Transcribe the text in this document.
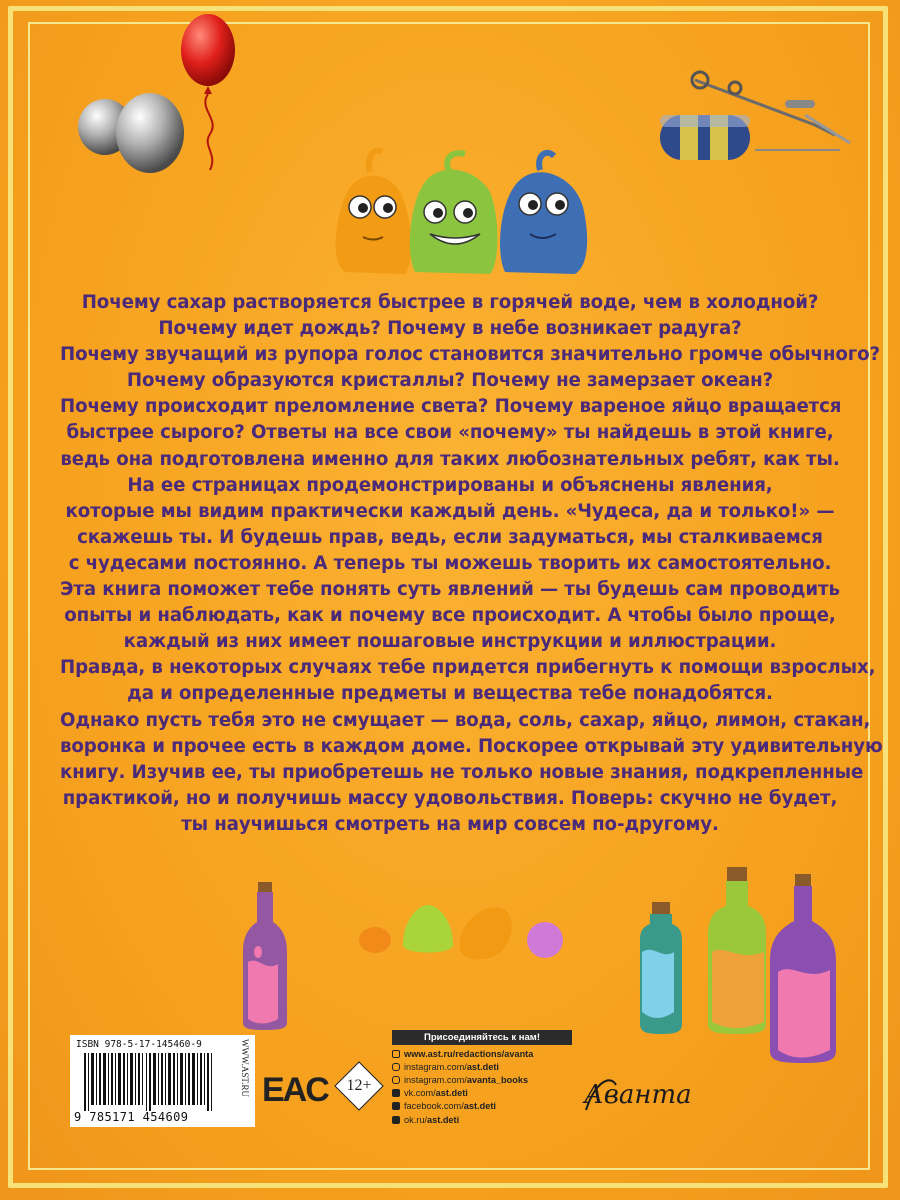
Почему сахар растворяется быстрее в горячей воде, чем в холодной?
Почему идет дождь? Почему в небе возникает радуга?
Почему звучащий из рупора голос становится значительно громче обычного?
Почему образуются кристаллы? Почему не замерзает океан?
Почему происходит преломление света? Почему вареное яйцо вращается
быстрее сырого? Ответы на все свои «почему» ты найдешь в этой книге,
ведь она подготовлена именно для таких любознательных ребят, как ты.
На ее страницах продемонстрированы и объяснены явления,
которые мы видим практически каждый день. «Чудеса, да и только!» —
скажешь ты. И будешь прав, ведь, если задуматься, мы сталкиваемся
с чудесами постоянно. А теперь ты можешь творить их самостоятельно.
Эта книга поможет тебе понять суть явлений — ты будешь сам проводить
опыты и наблюдать, как и почему все происходит. А чтобы было проще,
каждый из них имеет пошаговые инструкции и иллюстрации.
Правда, в некоторых случаях тебе придется прибегнуть к помощи взрослых,
да и определенные предметы и вещества тебе понадобятся.
Однако пусть тебя это не смущает — вода, соль, сахар, яйцо, лимон, стакан,
воронка и прочее есть в каждом доме. Поскорее открывай эту удивительную
книгу. Изучив ее, ты приобретешь не только новые знания, подкрепленные
практикой, но и получишь массу удовольствия. Поверь: скучно не будет,
ты научишься смотреть на мир совсем по-другому.
ISBN 978-5-17-145460-9
9 785171 454609
WWW.AST.RU EAC	12+
Присоединяйтесь к нам!
www.ast.ru/redactions/avanta
instagram.com/ ast.deti
instagram.com/ avanta_books
vk.com/ ast.deti
facebook.com/ ast.deti
ok.ru/ ast.deti
Аванта
